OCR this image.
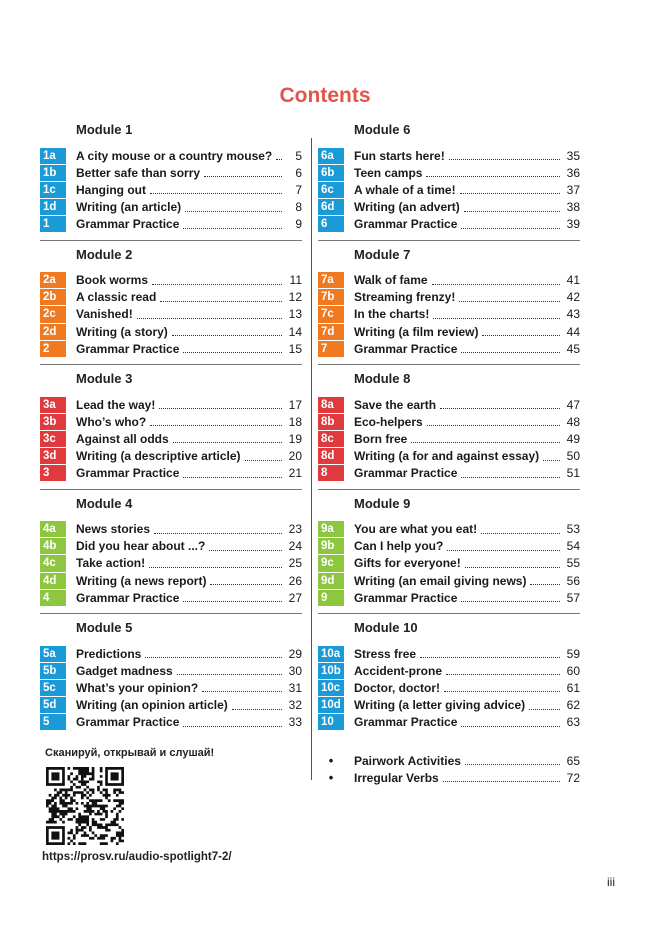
Contents
Module 1
1a	A city mouse or a country mouse?	5
1b	Better safe than sorry	6
1c	Hanging out	7
1d	Writing (an article)	8
1	Grammar Practice	9
Module 2
2a	Book worms	11
2b	A classic read	12
2c	Vanished!	13
2d	Writing (a story)	14
2	Grammar Practice	15
Module 3
3a	Lead the way!	17
3b	Who’s who?	18
3c	Against all odds	19
3d	Writing (a descriptive article)	20
3	Grammar Practice	21
Module 4
4a	News stories	23
4b	Did you hear about ...?	24
4c	Take action!	25
4d	Writing (a news report)	26
4	Grammar Practice	27
Module 5
5a	Predictions	29
5b	Gadget madness	30
5c	What’s your opinion?	31
5d	Writing (an opinion article)	32
5	Grammar Practice	33
Module 6
6a	Fun starts here!	35
6b	Teen camps	36
6c	A whale of a time!	37
6d	Writing (an advert)	38
6	Grammar Practice	39
Module 7
7a	Walk of fame	41
7b	Streaming frenzy!	42
7c	In the charts!	43
7d	Writing (a film review)	44
7	Grammar Practice	45
Module 8
8a	Save the earth	47
8b	Eco-helpers	48
8c	Born free	49
8d	Writing (a for and against essay) 50
8	Grammar Practice	51
Module 9
9a	You are what you eat!	53
9b	Can I help you?	54
9c	Gifts for everyone!	55
9d	Writing (an email giving news)	56
9	Grammar Practice	57
Module 10
10a	Stress free	59
10b Accident-prone	60
10c	Doctor, doctor!	61
10d Writing (a letter giving advice)	62
10	Grammar Practice	63
•	Pairwork Activities	65
•	Irregular Verbs	72
Сканируй, открывай и слушай!
https://prosv.ru/audio-spotlight7-2/
iii
